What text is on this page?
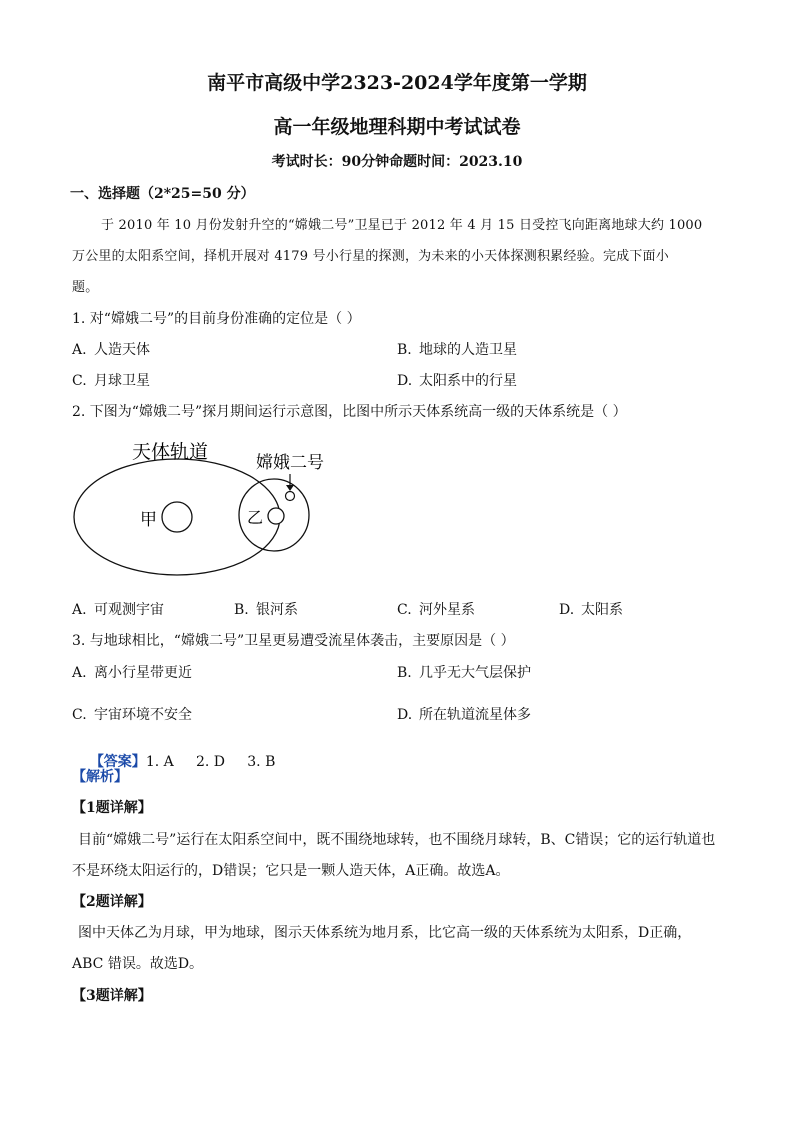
南平市高级中学2323-2024学年度第一学期
高一年级地理科期中考试试卷
考试时长：90分钟命题时间：2023.10
一、选择题（2*25=50 分）
于 2010 年 10 月份发射升空的“嫦娥二号”卫星已于 2012 年 4 月 15 日受控飞向距离地球大约 1000
万公里的太阳系空间，择机开展对 4179 号小行星的探测，为未来的小天体探测积累经验。完成下面小
题。
1. 对“嫦娥二号”的目前身份准确的定位是（ ）
A. 人造天体	B. 地球的人造卫星
C. 月球卫星	D. 太阳系中的行星
2. 下图为“嫦娥二号”探月期间运行示意图，比图中所示天体系统高一级的天体系统是（ ）
天体轨道	嫦娥二号
甲	乙
A. 可观测宇宙	B. 银河系	C. 河外星系	D. 太阳系
3. 与地球相比，“嫦娥二号”卫星更易遭受流星体袭击，主要原因是（ ）
A. 离小行星带更近	B. 几乎无大气层保护
C. 宇宙环境不安全	D. 所在轨道流星体多

【答案】1. A     2. D     3. B

【解析】
【1题详解】
目前“嫦娥二号”运行在太阳系空间中，既不围绕地球转，也不围绕月球转，B、C错误；它的运行轨道也
不是环绕太阳运行的，D错误；它只是一颗人造天体，A正确。故选A。
【2题详解】
图中天体乙为月球，甲为地球，图示天体系统为地月系，比它高一级的天体系统为太阳系，D正确，
ABC 错误。故选D。
【3题详解】
